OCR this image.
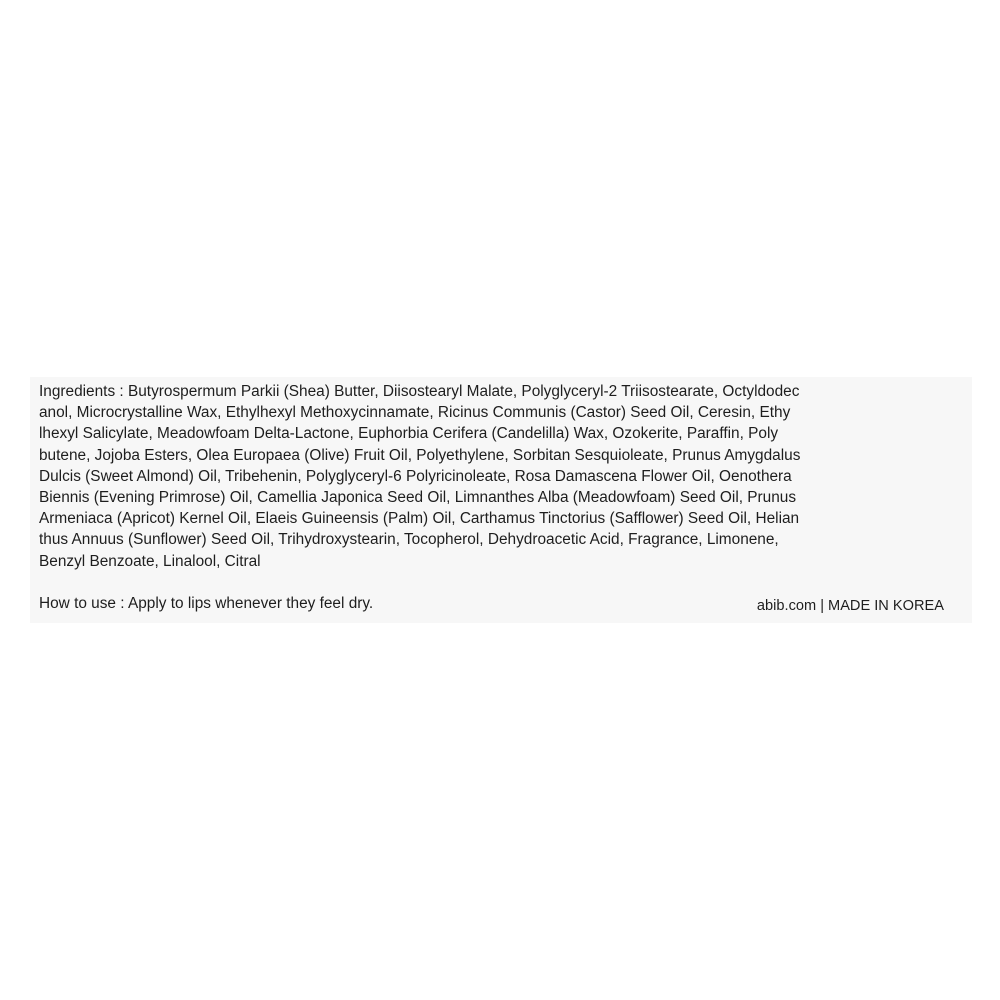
Ingredients : Butyrospermum Parkii (Shea) Butter, Diisostearyl Malate, Polyglyceryl-2 Triisostearate, Octyldodec
anol, Microcrystalline Wax, Ethylhexyl Methoxycinnamate, Ricinus Communis (Castor) Seed Oil, Ceresin, Ethy
lhexyl Salicylate, Meadowfoam Delta-Lactone, Euphorbia Cerifera (Candelilla) Wax, Ozokerite, Paraffin, Poly
butene, Jojoba Esters, Olea Europaea (Olive) Fruit Oil, Polyethylene, Sorbitan Sesquioleate, Prunus Amygdalus
Dulcis (Sweet Almond) Oil, Tribehenin, Polyglyceryl-6 Polyricinoleate, Rosa Damascena Flower Oil, Oenothera
Biennis (Evening Primrose) Oil, Camellia Japonica Seed Oil, Limnanthes Alba (Meadowfoam) Seed Oil, Prunus
Armeniaca (Apricot) Kernel Oil, Elaeis Guineensis (Palm) Oil, Carthamus Tinctorius (Safflower) Seed Oil, Helian
thus Annuus (Sunflower) Seed Oil, Trihydroxystearin, Tocopherol, Dehydroacetic Acid, Fragrance, Limonene,
Benzyl Benzoate, Linalool, Citral
How to use : Apply to lips whenever they feel dry.	abib.com | MADE IN KOREA
